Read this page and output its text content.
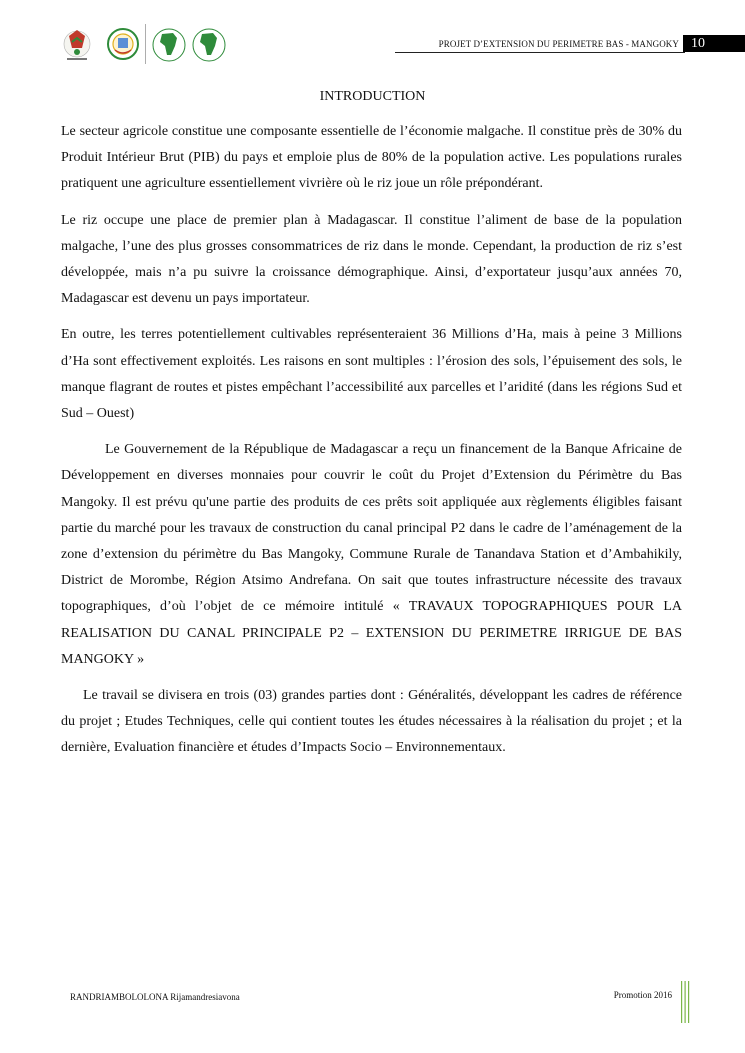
PROJET D’EXTENSION DU PERIMETRE BAS - MANGOKY 10
INTRODUCTION

Le secteur agricole constitue une composante essentielle de l’économie malgache. Il constitue près de 30% du Produit Intérieur Brut (PIB) du pays et emploie plus de 80% de la population active. Les populations rurales pratiquent une agriculture essentiellement vivrière où le riz joue un rôle prépondérant.

Le riz occupe une place de premier plan à Madagascar. Il constitue l’aliment de base de la population malgache, l’une des plus grosses consommatrices de riz dans le monde. Cependant, la production de riz s’est développée, mais n’a pu suivre la croissance démographique. Ainsi, d’exportateur jusqu’aux années 70, Madagascar est devenu un pays importateur.

En outre, les terres potentiellement cultivables représenteraient 36 Millions d’Ha, mais à peine 3 Millions d’Ha sont effectivement exploités. Les raisons en sont multiples : l’érosion des sols, l’épuisement des sols, le manque flagrant de routes et pistes empêchant l’accessibilité aux parcelles et l’aridité (dans les régions Sud et Sud – Ouest)

Le Gouvernement de la République de Madagascar a reçu un financement de la Banque Africaine de Développement en diverses monnaies pour couvrir le coût du Projet d’Extension du Périmètre du Bas Mangoky. Il est prévu qu'une partie des produits de ces prêts soit appliquée aux règlements éligibles faisant partie du marché pour les travaux de construction du canal principal P2 dans le cadre de l’aménagement de la zone d’extension du périmètre du Bas Mangoky, Commune Rurale de Tanandava Station et d’Ambahikily, District de Morombe, Région Atsimo Andrefana. On sait que toutes infrastructure nécessite des travaux topographiques, d’où l’objet de ce mémoire intitulé « TRAVAUX TOPOGRAPHIQUES POUR LA REALISATION DU CANAL PRINCIPALE P2 – EXTENSION DU PERIMETRE IRRIGUE DE BAS MANGOKY »

Le travail se divisera en trois (03) grandes parties dont : Généralités, développant les cadres de référence du projet ; Etudes Techniques, celle qui contient toutes les études nécessaires à la réalisation du projet ; et la dernière, Evaluation financière et études d’Impacts Socio – Environnementaux.

RANDRIAMBOLOLONA Rijamandresiavona	Promotion 2016
